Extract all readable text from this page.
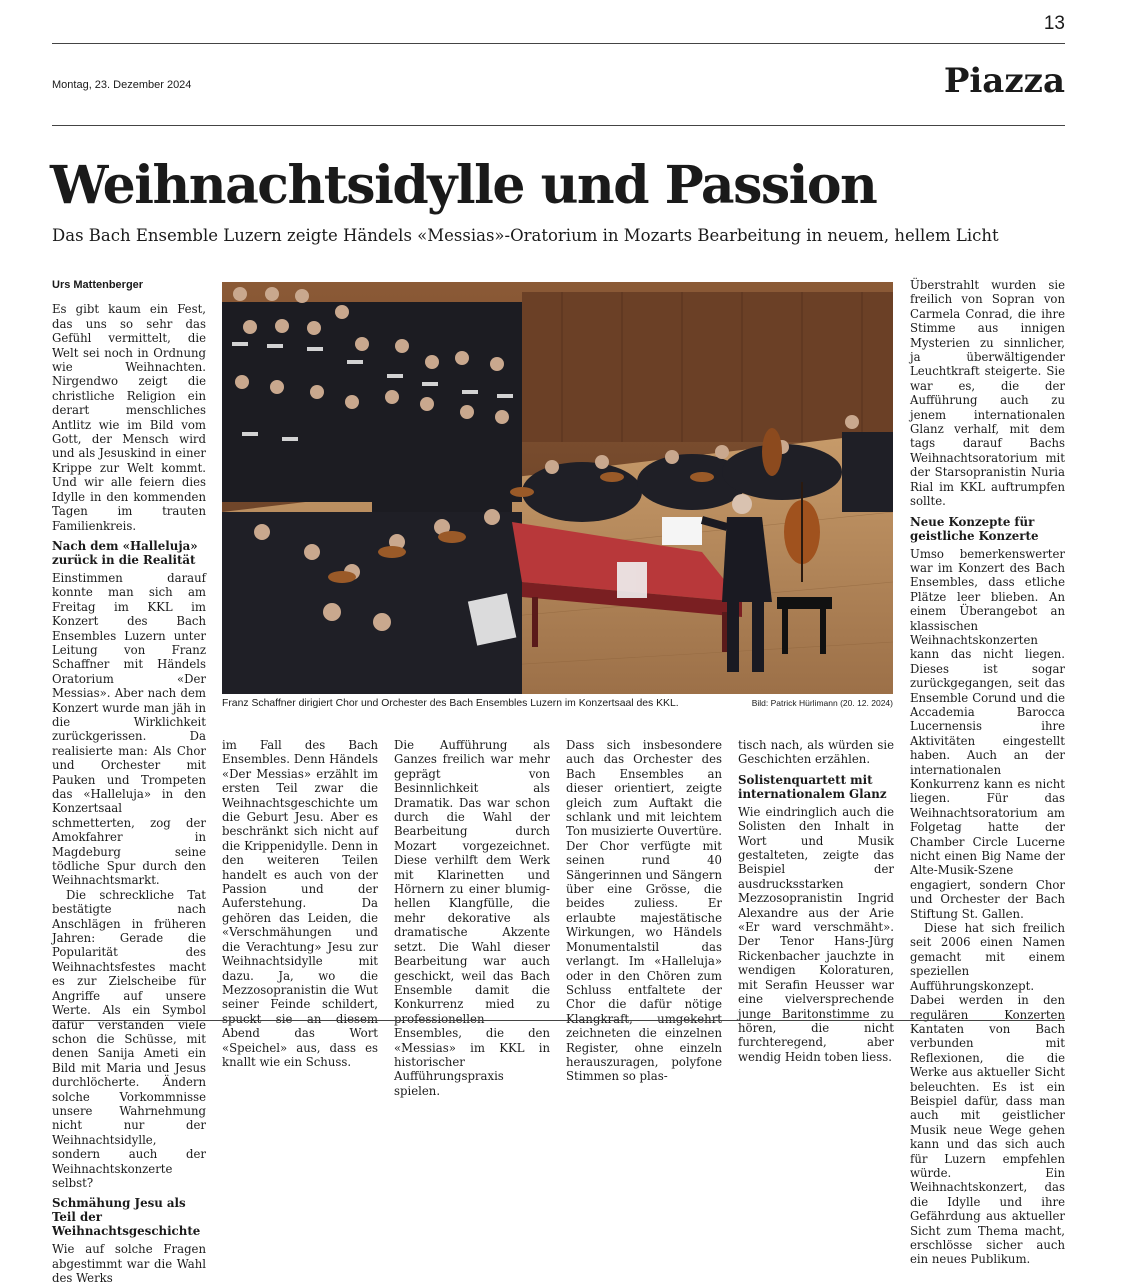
13
Montag, 23. Dezember 2024	Piazza
Weihnachtsidylle und Passion
Das Bach Ensemble Luzern zeigte Händels «Messias»-Oratorium in Mozarts Bearbeitung in neuem, hellem Licht
Urs Mattenberger

Es gibt kaum ein Fest, das uns so sehr das Gefühl vermittelt, die Welt sei noch in Ordnung wie Weihnachten. Nirgendwo zeigt die christliche Religion ein derart menschliches Antlitz wie im Bild vom Gott, der Mensch wird und als Jesuskind in einer Krippe zur Welt kommt. Und wir alle feiern dies Idylle in den kommenden Tagen im trauten Familienkreis.

Nach dem «Halleluja» zurück in die Realität

Einstimmen darauf konnte man sich am Freitag im KKL im Konzert des Bach Ensembles Luzern unter Leitung von Franz Schaffner mit Händels Oratorium «Der Messias». Aber nach dem Konzert wurde man jäh in die Wirklichkeit zurückgerissen. Da realisierte man: Als Chor und Orchester mit Pauken und Trompeten das «Halleluja» in den Konzertsaal schmetterten, zog der Amokfahrer in Magdeburg seine tödliche Spur durch den Weihnachtsmarkt.

Die schreckliche Tat bestätigte nach Anschlägen in früheren Jahren: Gerade die Popularität des Weihnachtsfestes macht es zur Zielscheibe für Angriffe auf unsere Werte. Als ein Symbol dafür verstanden viele schon die Schüsse, mit denen Sanija Ameti ein Bild mit Maria und Jesus durchlöcherte. Ändern solche Vorkommnisse unsere Wahrnehmung nicht nur der Weihnachtsidylle, sondern auch der Weihnachtskonzerte selbst?

Schmähung Jesu als Teil der Weihnachtsgeschichte

Wie auf solche Fragen abgestimmt war die Wahl des Werks

Franz Schaffner dirigiert Chor und Orchester des Bach Ensembles Luzern im Konzertsaal des KKL.	Bild: Patrick Hürlimann (20. 12. 2024)

im Fall des Bach Ensembles. Denn Händels «Der Messias» erzählt im ersten Teil zwar die Weihnachtsgeschichte um die Geburt Jesu. Aber es beschränkt sich nicht auf die Krippenidylle. Denn in den weiteren Teilen handelt es auch von der Passion und der Auferstehung. Da gehören das Leiden, die «Verschmähungen und die Verachtung» Jesu zur Weihnachtsidylle mit dazu. Ja, wo die Mezzosopranistin die Wut seiner Feinde schildert, spuckt sie an diesem Abend das Wort «Speichel» aus, dass es knallt wie ein Schuss.

Die Aufführung als Ganzes freilich war mehr geprägt von Besinnlichkeit als Dramatik. Das war schon durch die Wahl der Bearbeitung durch Mozart vorgezeichnet. Diese verhilft dem Werk mit Klarinetten und Hörnern zu einer blumig-hellen Klangfülle, die mehr dekorative als dramatische Akzente setzt. Die Wahl dieser Bearbeitung war auch geschickt, weil das Bach Ensemble damit die Konkurrenz mied zu professionellen Ensembles, die den «Messias» im KKL in historischer Aufführungspraxis spielen.

Dass sich insbesondere auch das Orchester des Bach Ensembles an dieser orientiert, zeigte gleich zum Auftakt die schlank und mit leichtem Ton musizierte Ouvertüre. Der Chor verfügte mit seinen rund 40 Sängerinnen und Sängern über eine Grösse, die beides zuliess. Er erlaubte majestätische Wirkungen, wo Händels Monumentalstil das verlangt. Im «Halleluja» oder in den Chören zum Schluss entfaltete der Chor die dafür nötige Klangkraft, umgekehrt zeichneten die einzelnen Register, ohne einzeln herauszuragen, polyfone Stimmen so plas-

tisch nach, als würden sie Geschichten erzählen.

Solistenquartett mit internationalem Glanz

Wie eindringlich auch die Solisten den Inhalt in Wort und Musik gestalteten, zeigte das Beispiel der ausdrucksstarken Mezzosopranistin Ingrid Alexandre aus der Arie «Er ward verschmäht». Der Tenor Hans-Jürg Rickenbacher jauchzte in wendigen Koloraturen, mit Serafin Heusser war eine vielversprechende junge Baritonstimme zu hören, die nicht furchteregend, aber wendig Heidn toben liess.

Überstrahlt wurden sie freilich von Sopran von Carmela Conrad, die ihre Stimme aus innigen Mysterien zu sinnlicher, ja überwältigender Leuchtkraft steigerte. Sie war es, die der Aufführung auch zu jenem internationalen Glanz verhalf, mit dem tags darauf Bachs Weihnachtsoratorium mit der Starsopranistin Nuria Rial im KKL auftrumpfen sollte.

Neue Konzepte für geistliche Konzerte

Umso bemerkenswerter war im Konzert des Bach Ensembles, dass etliche Plätze leer blieben. An einem Überangebot an klassischen Weihnachtskonzerten kann das nicht liegen. Dieses ist sogar zurückgegangen, seit das Ensemble Corund und die Accademia Barocca Lucernensis ihre Aktivitäten eingestellt haben. Auch an der internationalen Konkurrenz kann es nicht liegen. Für das Weihnachtsoratorium am Folgetag hatte der Chamber Circle Lucerne nicht einen Big Name der Alte-Musik-Szene engagiert, sondern Chor und Orchester der Bach Stiftung St. Gallen.

Diese hat sich freilich seit 2006 einen Namen gemacht mit einem speziellen Aufführungskonzept. Dabei werden in den regulären Konzerten Kantaten von Bach verbunden mit Reflexionen, die die Werke aus aktueller Sicht beleuchten. Es ist ein Beispiel dafür, dass man auch mit geistlicher Musik neue Wege gehen kann und das sich auch für Luzern empfehlen würde. Ein Weihnachtskonzert, das die Idylle und ihre Gefährdung aus aktueller Sicht zum Thema macht, erschlösse sicher auch ein neues Publikum.
